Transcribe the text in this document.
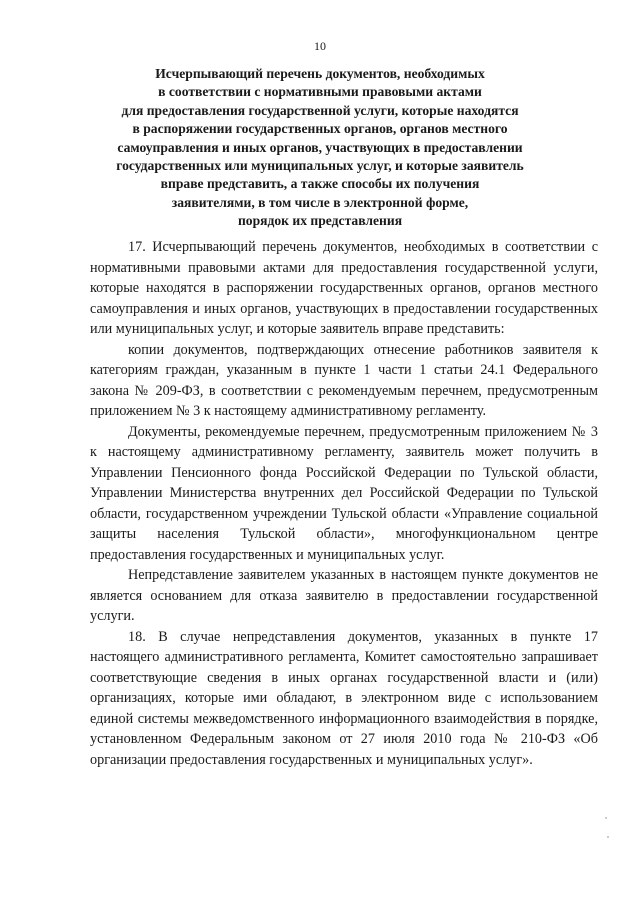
10
Исчерпывающий перечень документов, необходимых
в соответствии с нормативными правовыми актами
для предоставления государственной услуги, которые находятся
в распоряжении государственных органов, органов местного
самоуправления и иных органов, участвующих в предоставлении
государственных или муниципальных услуг, и которые заявитель
вправе представить, а также способы их получения
заявителями, в том числе в электронной форме,
порядок их представления

17. Исчерпывающий перечень документов, необходимых в соответствии с нормативными правовыми актами для предоставления государственной услуги, которые находятся в распоряжении государственных органов, органов местного самоуправления и иных органов, участвующих в предоставлении государственных или муниципальных услуг, и которые заявитель вправе представить:

копии документов, подтверждающих отнесение работников заявителя к категориям граждан, указанным в пункте 1 части 1 статьи 24.1 Федерального закона № 209-ФЗ, в соответствии с рекомендуемым перечнем, предусмотренным приложением № 3 к настоящему административному регламенту.

Документы, рекомендуемые перечнем, предусмотренным приложением № 3 к настоящему административному регламенту, заявитель может получить в Управлении Пенсионного фонда Российской Федерации по Тульской области, Управлении Министерства внутренних дел Российской Федерации по Тульской области, государственном учреждении Тульской области «Управление социальной защиты населения Тульской области», многофункциональном центре предоставления государственных и муниципальных услуг.

Непредставление заявителем указанных в настоящем пункте документов не является основанием для отказа заявителю в предоставлении государственной услуги.

18. В случае непредставления документов, указанных в пункте 17 настоящего административного регламента, Комитет самостоятельно запрашивает соответствующие сведения в иных органах государственной власти и (или) организациях, которые ими обладают, в электронном виде с использованием единой системы межведомственного информационного взаимодействия в порядке, установленном Федеральным законом от 27 июля 2010 года № 210-ФЗ «Об организации предоставления государственных и муниципальных услуг».
